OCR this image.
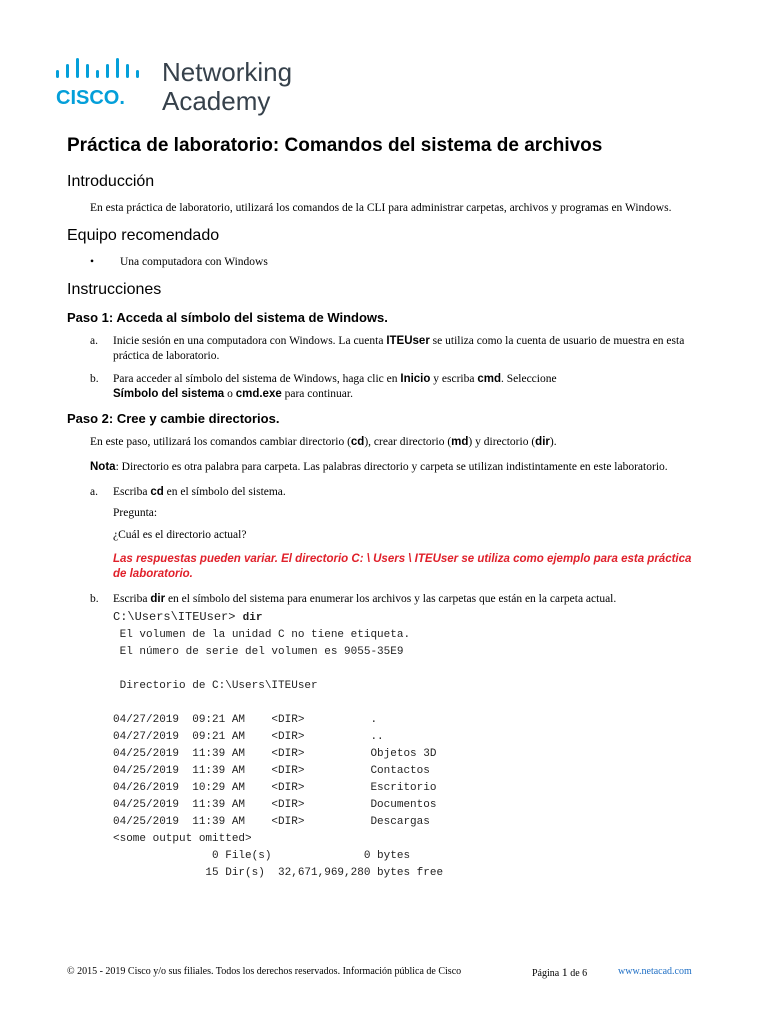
CISCO.
Networking
Academy
Práctica de laboratorio: Comandos del sistema de archivos
Introducción

En esta práctica de laboratorio, utilizará los comandos de la CLI para administrar carpetas, archivos y programas en Windows.

Equipo recomendado
•	Una computadora con Windows
Instrucciones
Paso 1: Acceda al símbolo del sistema de Windows.
a.	Inicie sesión en una computadora con Windows. La cuenta ITEUser se utiliza como la cuenta de usuario de muestra en esta práctica de laboratorio.
b.	Para acceder al símbolo del sistema de Windows, haga clic en Inicio y escriba cmd. Seleccione
Símbolo del sistema o cmd.exe para continuar.
Paso 2: Cree y cambie directorios.

En este paso, utilizará los comandos cambiar directorio (cd), crear directorio (md) y directorio (dir).

Nota: Directorio es otra palabra para carpeta. Las palabras directorio y carpeta se utilizan indistintamente en este laboratorio.

a.	Escriba cd en el símbolo del sistema.

Pregunta:

¿Cuál es el directorio actual?

Las respuestas pueden variar. El directorio C: \ Users \ ITEUser se utiliza como ejemplo para esta práctica de laboratorio.

b.	Escriba dir en el símbolo del sistema para enumerar los archivos y las carpetas que están en la carpeta actual.
C:\Users\ITEUser> dir
El volumen de la unidad C no tiene etiqueta.
El número de serie del volumen es 9055-35E9

Directorio de C:\Users\ITEUser

04/27/2019  09:21 AM    <DIR>          .
04/27/2019  09:21 AM    <DIR>          ..
04/25/2019  11:39 AM    <DIR>          Objetos 3D
04/25/2019  11:39 AM    <DIR>          Contactos
04/26/2019  10:29 AM    <DIR>          Escritorio
04/25/2019  11:39 AM    <DIR>          Documentos
04/25/2019  11:39 AM    <DIR>          Descargas
<some output omitted>
0 File(s)              0 bytes
15 Dir(s)  32,671,969,280 bytes free
© 2015 - 2019 Cisco y/o sus filiales. Todos los derechos reservados. Información pública de Cisco	Página 1 de 6	www.netacad.com
